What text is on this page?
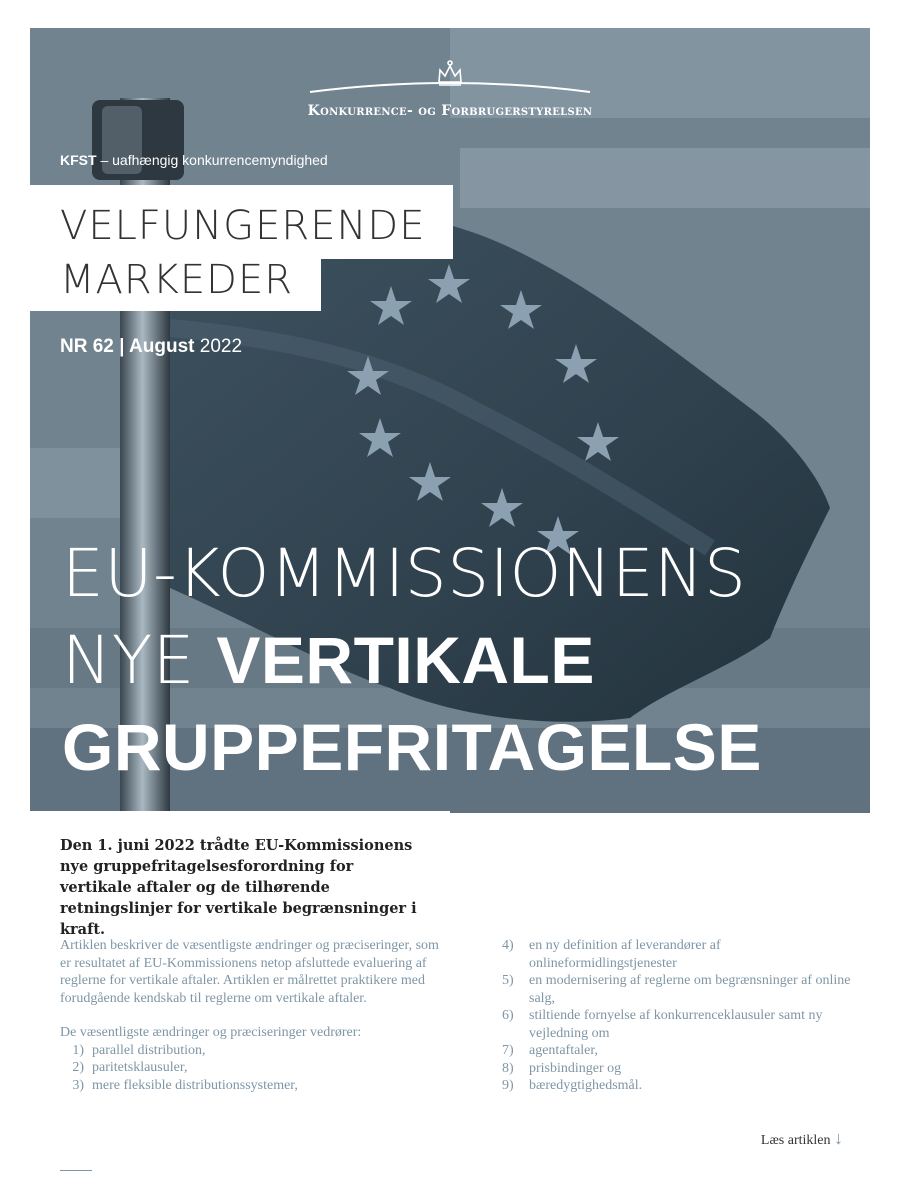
Konkurrence- og Forbrugerstyrelsen
KFST – uafhængig konkurrencemyndighed
VELFUNGERENDE
MARKEDER
NR 62 | August 2022
EU-KOMMISSIONENS
NYE VERTIKALE
GRUPPEFRITAGELSE
Den 1. juni 2022 trådte EU-Kommissionens nye gruppefritagelsesforordning for vertikale aftaler og de tilhørende retningslinjer for vertikale begrænsninger i kraft.

Artiklen beskriver de væsentligste ændringer og præciseringer, som er resultatet af EU-Kommissionens netop afsluttede evaluering af reglerne for vertikale aftaler. Artiklen er målrettet praktikere med forudgående kendskab til reglerne om vertikale aftaler.

De væsentligste ændringer og præciseringer vedrører:
1) parallel distribution,
2) paritetsklausuler,
3) mere fleksible distributionssystemer,
4)	en ny definition af leverandører af onlineformidlingstjenester
5)	en modernisering af reglerne om begrænsninger af online salg,
6)	stiltiende fornyelse af konkurrenceklausuler samt ny vejledning om
7)	agentaftaler,
8)	prisbindinger og
9)	bæredygtighedsmål.
Læs artiklen ↓
